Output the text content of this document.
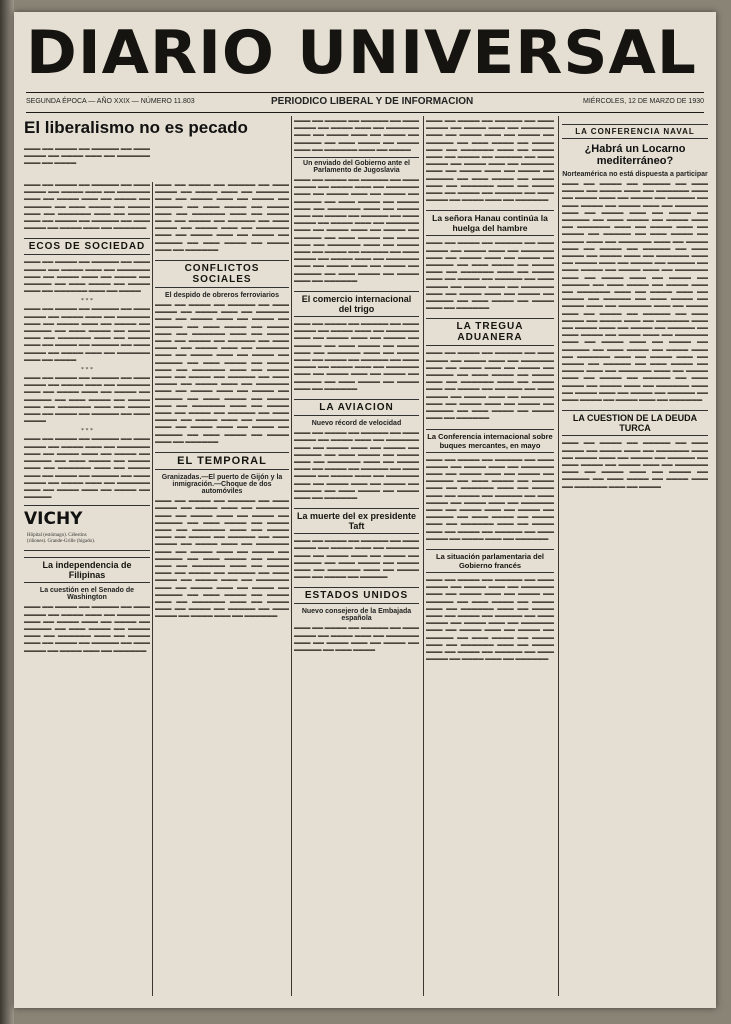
DIARIO UNIVERSAL
SEGUNDA ÉPOCA — AÑO XXIX — NÚMERO 11.803	PERIODICO LIBERAL Y DE INFORMACION	MIÉRCOLES, 12 DE MARZO DE 1930
El liberalismo no es pecado
▬▬▬ ▬▬ ▬▬▬▬ ▬▬ ▬▬▬▬▬ ▬▬ ▬▬▬ ▬▬▬▬ ▬▬ ▬▬▬▬ ▬▬▬ ▬▬ ▬▬▬▬▬▬ ▬▬▬ ▬▬ ▬▬▬▬
▬▬▬ ▬▬ ▬▬▬▬ ▬▬ ▬▬▬▬▬ ▬▬ ▬▬▬ ▬▬▬▬ ▬▬ ▬▬▬▬ ▬▬▬ ▬▬ ▬▬▬▬▬▬ ▬▬▬ ▬▬ ▬▬▬▬ ▬▬▬ ▬▬ ▬▬▬▬ ▬▬ ▬▬▬▬▬ ▬▬ ▬▬▬ ▬▬▬▬ ▬▬ ▬▬▬▬ ▬▬▬ ▬▬ ▬▬▬▬▬▬ ▬▬▬ ▬▬ ▬▬▬▬ ▬▬▬ ▬▬ ▬▬▬▬ ▬▬ ▬▬▬▬▬ ▬▬ ▬▬▬ ▬▬▬▬ ▬▬ ▬▬▬▬ ▬▬▬ ▬▬ ▬▬▬▬▬▬
ECOS DE SOCIEDAD
▬▬▬ ▬▬ ▬▬▬▬ ▬▬ ▬▬▬▬▬ ▬▬ ▬▬▬ ▬▬▬▬ ▬▬ ▬▬▬▬ ▬▬▬ ▬▬ ▬▬▬▬▬▬ ▬▬▬ ▬▬ ▬▬▬▬ ▬▬▬ ▬▬ ▬▬▬▬ ▬▬ ▬▬▬▬▬ ▬▬ ▬▬▬ ▬▬▬▬ ▬▬ ▬▬▬▬ ▬▬▬ ▬▬ ▬▬▬▬▬▬ ▬▬▬ ▬▬ ▬▬▬▬
* * *
▬▬▬ ▬▬ ▬▬▬▬ ▬▬ ▬▬▬▬▬ ▬▬ ▬▬▬ ▬▬▬▬ ▬▬ ▬▬▬▬ ▬▬▬ ▬▬ ▬▬▬▬▬▬ ▬▬▬ ▬▬ ▬▬▬▬ ▬▬▬ ▬▬ ▬▬▬▬ ▬▬ ▬▬▬▬▬ ▬▬ ▬▬▬ ▬▬▬▬ ▬▬ ▬▬▬▬ ▬▬▬ ▬▬ ▬▬▬▬▬▬ ▬▬▬ ▬▬ ▬▬▬▬ ▬▬▬ ▬▬ ▬▬▬▬ ▬▬ ▬▬▬▬▬ ▬▬ ▬▬▬ ▬▬▬▬ ▬▬ ▬▬▬▬ ▬▬▬ ▬▬ ▬▬▬▬▬▬ ▬▬▬ ▬▬ ▬▬▬▬
* * *
▬▬▬ ▬▬ ▬▬▬▬ ▬▬ ▬▬▬▬▬ ▬▬ ▬▬▬ ▬▬▬▬ ▬▬ ▬▬▬▬ ▬▬▬ ▬▬ ▬▬▬▬▬▬ ▬▬▬ ▬▬ ▬▬▬▬ ▬▬▬ ▬▬ ▬▬▬▬ ▬▬ ▬▬▬▬▬ ▬▬ ▬▬▬ ▬▬▬▬ ▬▬ ▬▬▬▬ ▬▬▬ ▬▬ ▬▬▬▬▬▬ ▬▬▬ ▬▬ ▬▬▬▬ ▬▬▬ ▬▬ ▬▬▬▬ ▬▬ ▬▬▬▬▬ ▬▬ ▬▬▬ ▬▬▬▬
* * *
▬▬▬ ▬▬ ▬▬▬▬ ▬▬ ▬▬▬▬▬ ▬▬ ▬▬▬ ▬▬▬▬ ▬▬ ▬▬▬▬ ▬▬▬ ▬▬ ▬▬▬▬▬▬ ▬▬▬ ▬▬ ▬▬▬▬ ▬▬▬ ▬▬ ▬▬▬▬ ▬▬ ▬▬▬▬▬ ▬▬ ▬▬▬ ▬▬▬▬ ▬▬ ▬▬▬▬ ▬▬▬ ▬▬ ▬▬▬▬▬▬ ▬▬▬ ▬▬ ▬▬▬▬ ▬▬▬ ▬▬ ▬▬▬▬ ▬▬ ▬▬▬▬▬ ▬▬ ▬▬▬ ▬▬▬▬ ▬▬ ▬▬▬▬ ▬▬▬ ▬▬ ▬▬▬▬▬▬ ▬▬▬ ▬▬ ▬▬▬▬ ▬▬▬ ▬▬ ▬▬▬▬ ▬▬ ▬▬▬▬▬
VICHYHôpital (estómago). Célestins (riñones). Grande-Grille (hígado).
La independencia de Filipinas
La cuestión en el Senado de Washington
▬▬▬ ▬▬ ▬▬▬▬ ▬▬ ▬▬▬▬▬ ▬▬ ▬▬▬ ▬▬▬▬ ▬▬ ▬▬▬▬ ▬▬▬ ▬▬ ▬▬▬▬▬▬ ▬▬▬ ▬▬ ▬▬▬▬ ▬▬▬ ▬▬ ▬▬▬▬ ▬▬ ▬▬▬▬▬ ▬▬ ▬▬▬ ▬▬▬▬ ▬▬ ▬▬▬▬ ▬▬▬ ▬▬ ▬▬▬▬▬▬ ▬▬▬ ▬▬ ▬▬▬▬ ▬▬▬ ▬▬ ▬▬▬▬ ▬▬ ▬▬▬▬▬ ▬▬ ▬▬▬ ▬▬▬▬ ▬▬ ▬▬▬▬ ▬▬▬ ▬▬ ▬▬▬▬▬▬
▬▬▬ ▬▬ ▬▬▬▬ ▬▬ ▬▬▬▬▬ ▬▬ ▬▬▬ ▬▬▬▬ ▬▬ ▬▬▬▬ ▬▬▬ ▬▬ ▬▬▬▬▬▬ ▬▬▬ ▬▬ ▬▬▬▬ ▬▬▬ ▬▬ ▬▬▬▬ ▬▬ ▬▬▬▬▬ ▬▬ ▬▬▬ ▬▬▬▬ ▬▬ ▬▬▬▬ ▬▬▬ ▬▬ ▬▬▬▬▬▬ ▬▬▬ ▬▬ ▬▬▬▬ ▬▬▬ ▬▬ ▬▬▬▬ ▬▬ ▬▬▬▬▬ ▬▬ ▬▬▬ ▬▬▬▬ ▬▬ ▬▬▬▬ ▬▬▬ ▬▬ ▬▬▬▬▬▬ ▬▬▬ ▬▬ ▬▬▬▬ ▬▬▬ ▬▬ ▬▬▬▬ ▬▬ ▬▬▬▬▬ ▬▬ ▬▬▬ ▬▬▬▬ ▬▬ ▬▬▬▬ ▬▬▬ ▬▬ ▬▬▬▬▬▬
CONFLICTOS SOCIALES
El despido de obreros ferroviarios
▬▬▬ ▬▬ ▬▬▬▬ ▬▬ ▬▬▬▬▬ ▬▬ ▬▬▬ ▬▬▬▬ ▬▬ ▬▬▬▬ ▬▬▬ ▬▬ ▬▬▬▬▬▬ ▬▬▬ ▬▬ ▬▬▬▬ ▬▬▬ ▬▬ ▬▬▬▬ ▬▬ ▬▬▬▬▬ ▬▬ ▬▬▬ ▬▬▬▬ ▬▬ ▬▬▬▬ ▬▬▬ ▬▬ ▬▬▬▬▬▬ ▬▬▬ ▬▬ ▬▬▬▬ ▬▬▬ ▬▬ ▬▬▬▬ ▬▬ ▬▬▬▬▬ ▬▬ ▬▬▬ ▬▬▬▬ ▬▬ ▬▬▬▬ ▬▬▬ ▬▬ ▬▬▬▬▬▬ ▬▬▬ ▬▬ ▬▬▬▬ ▬▬▬ ▬▬ ▬▬▬▬ ▬▬ ▬▬▬▬▬ ▬▬ ▬▬▬ ▬▬▬▬ ▬▬ ▬▬▬▬ ▬▬▬ ▬▬ ▬▬▬▬▬▬ ▬▬▬ ▬▬ ▬▬▬▬ ▬▬▬ ▬▬ ▬▬▬▬ ▬▬ ▬▬▬▬▬ ▬▬ ▬▬▬ ▬▬▬▬ ▬▬ ▬▬▬▬ ▬▬▬ ▬▬ ▬▬▬▬▬▬ ▬▬▬ ▬▬ ▬▬▬▬ ▬▬▬ ▬▬ ▬▬▬▬ ▬▬ ▬▬▬▬▬ ▬▬ ▬▬▬ ▬▬▬▬ ▬▬ ▬▬▬▬ ▬▬▬ ▬▬ ▬▬▬▬▬▬ ▬▬▬ ▬▬ ▬▬▬▬ ▬▬▬ ▬▬ ▬▬▬▬ ▬▬ ▬▬▬▬▬ ▬▬ ▬▬▬ ▬▬▬▬ ▬▬ ▬▬▬▬ ▬▬▬ ▬▬ ▬▬▬▬▬▬ ▬▬▬ ▬▬ ▬▬▬▬ ▬▬▬ ▬▬ ▬▬▬▬ ▬▬ ▬▬▬▬▬ ▬▬ ▬▬▬ ▬▬▬▬ ▬▬ ▬▬▬▬ ▬▬▬ ▬▬ ▬▬▬▬▬▬
EL TEMPORAL
Granizadas.—El puerto de Gijón y la inmigración.—Choque de dos automóviles
▬▬▬ ▬▬ ▬▬▬▬ ▬▬ ▬▬▬▬▬ ▬▬ ▬▬▬ ▬▬▬▬ ▬▬ ▬▬▬▬ ▬▬▬ ▬▬ ▬▬▬▬▬▬ ▬▬▬ ▬▬ ▬▬▬▬ ▬▬▬ ▬▬ ▬▬▬▬ ▬▬ ▬▬▬▬▬ ▬▬ ▬▬▬ ▬▬▬▬ ▬▬ ▬▬▬▬ ▬▬▬ ▬▬ ▬▬▬▬▬▬ ▬▬▬ ▬▬ ▬▬▬▬ ▬▬▬ ▬▬ ▬▬▬▬ ▬▬ ▬▬▬▬▬ ▬▬ ▬▬▬ ▬▬▬▬ ▬▬ ▬▬▬▬ ▬▬▬ ▬▬ ▬▬▬▬▬▬ ▬▬▬ ▬▬ ▬▬▬▬ ▬▬▬ ▬▬ ▬▬▬▬ ▬▬ ▬▬▬▬▬ ▬▬ ▬▬▬ ▬▬▬▬ ▬▬ ▬▬▬▬ ▬▬▬ ▬▬ ▬▬▬▬▬▬ ▬▬▬ ▬▬ ▬▬▬▬ ▬▬▬ ▬▬ ▬▬▬▬ ▬▬ ▬▬▬▬▬ ▬▬ ▬▬▬ ▬▬▬▬ ▬▬ ▬▬▬▬ ▬▬▬ ▬▬ ▬▬▬▬▬▬ ▬▬▬ ▬▬ ▬▬▬▬ ▬▬▬ ▬▬ ▬▬▬▬ ▬▬ ▬▬▬▬▬ ▬▬ ▬▬▬ ▬▬▬▬ ▬▬ ▬▬▬▬ ▬▬▬ ▬▬ ▬▬▬▬▬▬ ▬▬▬ ▬▬ ▬▬▬▬ ▬▬▬ ▬▬ ▬▬▬▬ ▬▬ ▬▬▬▬▬ ▬▬ ▬▬▬ ▬▬▬▬ ▬▬ ▬▬▬▬ ▬▬▬ ▬▬ ▬▬▬▬▬▬
▬▬▬ ▬▬ ▬▬▬▬ ▬▬ ▬▬▬▬▬ ▬▬ ▬▬▬ ▬▬▬▬ ▬▬ ▬▬▬▬ ▬▬▬ ▬▬ ▬▬▬▬▬▬ ▬▬▬ ▬▬ ▬▬▬▬ ▬▬▬ ▬▬ ▬▬▬▬ ▬▬ ▬▬▬▬▬ ▬▬ ▬▬▬ ▬▬▬▬ ▬▬ ▬▬▬▬ ▬▬▬ ▬▬ ▬▬▬▬▬▬ ▬▬▬ ▬▬ ▬▬▬▬
Un enviado del Gobierno ante el Parlamento de Jugoslavia
▬▬▬ ▬▬ ▬▬▬▬ ▬▬ ▬▬▬▬▬ ▬▬ ▬▬▬ ▬▬▬▬ ▬▬ ▬▬▬▬ ▬▬▬ ▬▬ ▬▬▬▬▬▬ ▬▬▬ ▬▬ ▬▬▬▬ ▬▬▬ ▬▬ ▬▬▬▬ ▬▬ ▬▬▬▬▬ ▬▬ ▬▬▬ ▬▬▬▬ ▬▬ ▬▬▬▬ ▬▬▬ ▬▬ ▬▬▬▬▬▬ ▬▬▬ ▬▬ ▬▬▬▬ ▬▬▬ ▬▬ ▬▬▬▬ ▬▬ ▬▬▬▬▬ ▬▬ ▬▬▬ ▬▬▬▬ ▬▬ ▬▬▬▬ ▬▬▬ ▬▬ ▬▬▬▬▬▬ ▬▬▬ ▬▬ ▬▬▬▬ ▬▬▬ ▬▬ ▬▬▬▬ ▬▬ ▬▬▬▬▬ ▬▬ ▬▬▬ ▬▬▬▬ ▬▬ ▬▬▬▬ ▬▬▬ ▬▬ ▬▬▬▬▬▬ ▬▬▬ ▬▬ ▬▬▬▬ ▬▬▬ ▬▬ ▬▬▬▬ ▬▬ ▬▬▬▬▬ ▬▬ ▬▬▬ ▬▬▬▬ ▬▬ ▬▬▬▬ ▬▬▬ ▬▬ ▬▬▬▬▬▬ ▬▬▬ ▬▬ ▬▬▬▬ ▬▬▬ ▬▬ ▬▬▬▬ ▬▬ ▬▬▬▬▬ ▬▬ ▬▬▬ ▬▬▬▬ ▬▬ ▬▬▬▬ ▬▬▬ ▬▬ ▬▬▬▬▬▬
El comercio internacional del trigo
▬▬▬ ▬▬ ▬▬▬▬ ▬▬ ▬▬▬▬▬ ▬▬ ▬▬▬ ▬▬▬▬ ▬▬ ▬▬▬▬ ▬▬▬ ▬▬ ▬▬▬▬▬▬ ▬▬▬ ▬▬ ▬▬▬▬ ▬▬▬ ▬▬ ▬▬▬▬ ▬▬ ▬▬▬▬▬ ▬▬ ▬▬▬ ▬▬▬▬ ▬▬ ▬▬▬▬ ▬▬▬ ▬▬ ▬▬▬▬▬▬ ▬▬▬ ▬▬ ▬▬▬▬ ▬▬▬ ▬▬ ▬▬▬▬ ▬▬ ▬▬▬▬▬ ▬▬ ▬▬▬ ▬▬▬▬ ▬▬ ▬▬▬▬ ▬▬▬ ▬▬ ▬▬▬▬▬▬ ▬▬▬ ▬▬ ▬▬▬▬ ▬▬▬ ▬▬ ▬▬▬▬ ▬▬ ▬▬▬▬▬ ▬▬ ▬▬▬ ▬▬▬▬ ▬▬ ▬▬▬▬ ▬▬▬ ▬▬ ▬▬▬▬▬▬
LA AVIACION
Nuevo récord de velocidad
▬▬▬ ▬▬ ▬▬▬▬ ▬▬ ▬▬▬▬▬ ▬▬ ▬▬▬ ▬▬▬▬ ▬▬ ▬▬▬▬ ▬▬▬ ▬▬ ▬▬▬▬▬▬ ▬▬▬ ▬▬ ▬▬▬▬ ▬▬▬ ▬▬ ▬▬▬▬ ▬▬ ▬▬▬▬▬ ▬▬ ▬▬▬ ▬▬▬▬ ▬▬ ▬▬▬▬ ▬▬▬ ▬▬ ▬▬▬▬▬▬ ▬▬▬ ▬▬ ▬▬▬▬ ▬▬▬ ▬▬ ▬▬▬▬ ▬▬ ▬▬▬▬▬ ▬▬ ▬▬▬ ▬▬▬▬ ▬▬ ▬▬▬▬ ▬▬▬ ▬▬ ▬▬▬▬▬▬ ▬▬▬ ▬▬ ▬▬▬▬ ▬▬▬ ▬▬ ▬▬▬▬ ▬▬ ▬▬▬▬▬ ▬▬ ▬▬▬ ▬▬▬▬ ▬▬ ▬▬▬▬ ▬▬▬ ▬▬ ▬▬▬▬▬▬
La muerte del ex presidente Taft
▬▬▬ ▬▬ ▬▬▬▬ ▬▬ ▬▬▬▬▬ ▬▬ ▬▬▬ ▬▬▬▬ ▬▬ ▬▬▬▬ ▬▬▬ ▬▬ ▬▬▬▬▬▬ ▬▬▬ ▬▬ ▬▬▬▬ ▬▬▬ ▬▬ ▬▬▬▬ ▬▬ ▬▬▬▬▬ ▬▬ ▬▬▬ ▬▬▬▬ ▬▬ ▬▬▬▬ ▬▬▬ ▬▬ ▬▬▬▬▬▬ ▬▬▬ ▬▬ ▬▬▬▬ ▬▬▬ ▬▬ ▬▬▬▬ ▬▬ ▬▬▬▬▬
ESTADOS UNIDOS
Nuevo consejero de la Embajada española
▬▬▬ ▬▬ ▬▬▬▬ ▬▬ ▬▬▬▬▬ ▬▬ ▬▬▬ ▬▬▬▬ ▬▬ ▬▬▬▬ ▬▬▬ ▬▬ ▬▬▬▬▬▬ ▬▬▬ ▬▬ ▬▬▬▬ ▬▬▬ ▬▬ ▬▬▬▬ ▬▬ ▬▬▬▬▬ ▬▬ ▬▬▬ ▬▬▬▬
▬▬▬ ▬▬ ▬▬▬▬ ▬▬ ▬▬▬▬▬ ▬▬ ▬▬▬ ▬▬▬▬ ▬▬ ▬▬▬▬ ▬▬▬ ▬▬ ▬▬▬▬▬▬ ▬▬▬ ▬▬ ▬▬▬▬ ▬▬▬ ▬▬ ▬▬▬▬ ▬▬ ▬▬▬▬▬ ▬▬ ▬▬▬ ▬▬▬▬ ▬▬ ▬▬▬▬ ▬▬▬ ▬▬ ▬▬▬▬▬▬ ▬▬▬ ▬▬ ▬▬▬▬ ▬▬▬ ▬▬ ▬▬▬▬ ▬▬ ▬▬▬▬▬ ▬▬ ▬▬▬ ▬▬▬▬ ▬▬ ▬▬▬▬ ▬▬▬ ▬▬ ▬▬▬▬▬▬ ▬▬▬ ▬▬ ▬▬▬▬ ▬▬▬ ▬▬ ▬▬▬▬ ▬▬ ▬▬▬▬▬ ▬▬ ▬▬▬ ▬▬▬▬ ▬▬ ▬▬▬▬ ▬▬▬ ▬▬ ▬▬▬▬▬▬ ▬▬▬ ▬▬ ▬▬▬▬ ▬▬▬ ▬▬ ▬▬▬▬ ▬▬ ▬▬▬▬▬ ▬▬ ▬▬▬ ▬▬▬▬ ▬▬ ▬▬▬▬ ▬▬▬ ▬▬ ▬▬▬▬▬▬
La señora Hanau continúa la huelga del hambre
▬▬▬ ▬▬ ▬▬▬▬ ▬▬ ▬▬▬▬▬ ▬▬ ▬▬▬ ▬▬▬▬ ▬▬ ▬▬▬▬ ▬▬▬ ▬▬ ▬▬▬▬▬▬ ▬▬▬ ▬▬ ▬▬▬▬ ▬▬▬ ▬▬ ▬▬▬▬ ▬▬ ▬▬▬▬▬ ▬▬ ▬▬▬ ▬▬▬▬ ▬▬ ▬▬▬▬ ▬▬▬ ▬▬ ▬▬▬▬▬▬ ▬▬▬ ▬▬ ▬▬▬▬ ▬▬▬ ▬▬ ▬▬▬▬ ▬▬ ▬▬▬▬▬ ▬▬ ▬▬▬ ▬▬▬▬ ▬▬ ▬▬▬▬ ▬▬▬ ▬▬ ▬▬▬▬▬▬ ▬▬▬ ▬▬ ▬▬▬▬ ▬▬▬ ▬▬ ▬▬▬▬ ▬▬ ▬▬▬▬▬ ▬▬ ▬▬▬ ▬▬▬▬ ▬▬ ▬▬▬▬ ▬▬▬ ▬▬ ▬▬▬▬▬▬
LA TREGUA ADUANERA
▬▬▬ ▬▬ ▬▬▬▬ ▬▬ ▬▬▬▬▬ ▬▬ ▬▬▬ ▬▬▬▬ ▬▬ ▬▬▬▬ ▬▬▬ ▬▬ ▬▬▬▬▬▬ ▬▬▬ ▬▬ ▬▬▬▬ ▬▬▬ ▬▬ ▬▬▬▬ ▬▬ ▬▬▬▬▬ ▬▬ ▬▬▬ ▬▬▬▬ ▬▬ ▬▬▬▬ ▬▬▬ ▬▬ ▬▬▬▬▬▬ ▬▬▬ ▬▬ ▬▬▬▬ ▬▬▬ ▬▬ ▬▬▬▬ ▬▬ ▬▬▬▬▬ ▬▬ ▬▬▬ ▬▬▬▬ ▬▬ ▬▬▬▬ ▬▬▬ ▬▬ ▬▬▬▬▬▬ ▬▬▬ ▬▬ ▬▬▬▬ ▬▬▬ ▬▬ ▬▬▬▬ ▬▬ ▬▬▬▬▬ ▬▬ ▬▬▬ ▬▬▬▬ ▬▬ ▬▬▬▬ ▬▬▬ ▬▬ ▬▬▬▬▬▬
La Conferencia internacional sobre buques mercantes, en mayo
▬▬▬ ▬▬ ▬▬▬▬ ▬▬ ▬▬▬▬▬ ▬▬ ▬▬▬ ▬▬▬▬ ▬▬ ▬▬▬▬ ▬▬▬ ▬▬ ▬▬▬▬▬▬ ▬▬▬ ▬▬ ▬▬▬▬ ▬▬▬ ▬▬ ▬▬▬▬ ▬▬ ▬▬▬▬▬ ▬▬ ▬▬▬ ▬▬▬▬ ▬▬ ▬▬▬▬ ▬▬▬ ▬▬ ▬▬▬▬▬▬ ▬▬▬ ▬▬ ▬▬▬▬ ▬▬▬ ▬▬ ▬▬▬▬ ▬▬ ▬▬▬▬▬ ▬▬ ▬▬▬ ▬▬▬▬ ▬▬ ▬▬▬▬ ▬▬▬ ▬▬ ▬▬▬▬▬▬ ▬▬▬ ▬▬ ▬▬▬▬ ▬▬▬ ▬▬ ▬▬▬▬ ▬▬ ▬▬▬▬▬ ▬▬ ▬▬▬ ▬▬▬▬ ▬▬ ▬▬▬▬ ▬▬▬ ▬▬ ▬▬▬▬▬▬ ▬▬▬ ▬▬ ▬▬▬▬ ▬▬▬ ▬▬ ▬▬▬▬ ▬▬ ▬▬▬▬▬ ▬▬ ▬▬▬ ▬▬▬▬ ▬▬ ▬▬▬▬ ▬▬▬ ▬▬ ▬▬▬▬▬▬
La situación parlamentaria del Gobierno francés
▬▬▬ ▬▬ ▬▬▬▬ ▬▬ ▬▬▬▬▬ ▬▬ ▬▬▬ ▬▬▬▬ ▬▬ ▬▬▬▬ ▬▬▬ ▬▬ ▬▬▬▬▬▬ ▬▬▬ ▬▬ ▬▬▬▬ ▬▬▬ ▬▬ ▬▬▬▬ ▬▬ ▬▬▬▬▬ ▬▬ ▬▬▬ ▬▬▬▬ ▬▬ ▬▬▬▬ ▬▬▬ ▬▬ ▬▬▬▬▬▬ ▬▬▬ ▬▬ ▬▬▬▬ ▬▬▬ ▬▬ ▬▬▬▬ ▬▬ ▬▬▬▬▬ ▬▬ ▬▬▬ ▬▬▬▬ ▬▬ ▬▬▬▬ ▬▬▬ ▬▬ ▬▬▬▬▬▬ ▬▬▬ ▬▬ ▬▬▬▬ ▬▬▬ ▬▬ ▬▬▬▬ ▬▬ ▬▬▬▬▬ ▬▬ ▬▬▬ ▬▬▬▬ ▬▬ ▬▬▬▬ ▬▬▬ ▬▬ ▬▬▬▬▬▬ ▬▬▬ ▬▬ ▬▬▬▬ ▬▬▬ ▬▬ ▬▬▬▬ ▬▬ ▬▬▬▬▬ ▬▬ ▬▬▬ ▬▬▬▬ ▬▬ ▬▬▬▬ ▬▬▬ ▬▬ ▬▬▬▬▬▬
LA CONFERENCIA NAVAL
¿Habrá un Locarno mediterráneo?
Norteamérica no está dispuesta a participar
▬▬▬ ▬▬ ▬▬▬▬ ▬▬ ▬▬▬▬▬ ▬▬ ▬▬▬ ▬▬▬▬ ▬▬ ▬▬▬▬ ▬▬▬ ▬▬ ▬▬▬▬▬▬ ▬▬▬ ▬▬ ▬▬▬▬ ▬▬▬ ▬▬ ▬▬▬▬ ▬▬ ▬▬▬▬▬ ▬▬ ▬▬▬ ▬▬▬▬ ▬▬ ▬▬▬▬ ▬▬▬ ▬▬ ▬▬▬▬▬▬ ▬▬▬ ▬▬ ▬▬▬▬ ▬▬▬ ▬▬ ▬▬▬▬ ▬▬ ▬▬▬▬▬ ▬▬ ▬▬▬ ▬▬▬▬ ▬▬ ▬▬▬▬ ▬▬▬ ▬▬ ▬▬▬▬▬▬ ▬▬▬ ▬▬ ▬▬▬▬ ▬▬▬ ▬▬ ▬▬▬▬ ▬▬ ▬▬▬▬▬ ▬▬ ▬▬▬ ▬▬▬▬ ▬▬ ▬▬▬▬ ▬▬▬ ▬▬ ▬▬▬▬▬▬ ▬▬▬ ▬▬ ▬▬▬▬ ▬▬▬ ▬▬ ▬▬▬▬ ▬▬ ▬▬▬▬▬ ▬▬ ▬▬▬ ▬▬▬▬ ▬▬ ▬▬▬▬ ▬▬▬ ▬▬ ▬▬▬▬▬▬ ▬▬▬ ▬▬ ▬▬▬▬ ▬▬▬ ▬▬ ▬▬▬▬ ▬▬ ▬▬▬▬▬ ▬▬ ▬▬▬ ▬▬▬▬ ▬▬ ▬▬▬▬ ▬▬▬ ▬▬ ▬▬▬▬▬▬ ▬▬▬ ▬▬ ▬▬▬▬ ▬▬▬ ▬▬ ▬▬▬▬ ▬▬ ▬▬▬▬▬ ▬▬ ▬▬▬ ▬▬▬▬ ▬▬ ▬▬▬▬ ▬▬▬ ▬▬ ▬▬▬▬▬▬ ▬▬▬ ▬▬ ▬▬▬▬ ▬▬▬ ▬▬ ▬▬▬▬ ▬▬ ▬▬▬▬▬ ▬▬ ▬▬▬ ▬▬▬▬ ▬▬ ▬▬▬▬ ▬▬▬ ▬▬ ▬▬▬▬▬▬ ▬▬▬ ▬▬ ▬▬▬▬ ▬▬▬ ▬▬ ▬▬▬▬ ▬▬ ▬▬▬▬▬ ▬▬ ▬▬▬ ▬▬▬▬ ▬▬ ▬▬▬▬ ▬▬▬ ▬▬ ▬▬▬▬▬▬ ▬▬▬ ▬▬ ▬▬▬▬ ▬▬▬ ▬▬ ▬▬▬▬ ▬▬ ▬▬▬▬▬ ▬▬ ▬▬▬ ▬▬▬▬ ▬▬ ▬▬▬▬ ▬▬▬ ▬▬ ▬▬▬▬▬▬ ▬▬▬ ▬▬ ▬▬▬▬ ▬▬▬ ▬▬ ▬▬▬▬ ▬▬ ▬▬▬▬▬ ▬▬ ▬▬▬ ▬▬▬▬ ▬▬ ▬▬▬▬ ▬▬▬ ▬▬ ▬▬▬▬▬▬ ▬▬▬ ▬▬ ▬▬▬▬ ▬▬▬ ▬▬ ▬▬▬▬ ▬▬ ▬▬▬▬▬ ▬▬ ▬▬▬ ▬▬▬▬ ▬▬ ▬▬▬▬ ▬▬▬ ▬▬ ▬▬▬▬▬▬ ▬▬▬ ▬▬ ▬▬▬▬ ▬▬▬ ▬▬ ▬▬▬▬ ▬▬ ▬▬▬▬▬ ▬▬ ▬▬▬ ▬▬▬▬ ▬▬ ▬▬▬▬ ▬▬▬ ▬▬ ▬▬▬▬▬▬ ▬▬▬ ▬▬ ▬▬▬▬ ▬▬▬ ▬▬ ▬▬▬▬ ▬▬ ▬▬▬▬▬ ▬▬ ▬▬▬ ▬▬▬▬ ▬▬ ▬▬▬▬ ▬▬▬ ▬▬ ▬▬▬▬▬▬
LA CUESTION DE LA DEUDA TURCA
▬▬▬ ▬▬ ▬▬▬▬ ▬▬ ▬▬▬▬▬ ▬▬ ▬▬▬ ▬▬▬▬ ▬▬ ▬▬▬▬ ▬▬▬ ▬▬ ▬▬▬▬▬▬ ▬▬▬ ▬▬ ▬▬▬▬ ▬▬▬ ▬▬ ▬▬▬▬ ▬▬ ▬▬▬▬▬ ▬▬ ▬▬▬ ▬▬▬▬ ▬▬ ▬▬▬▬ ▬▬▬ ▬▬ ▬▬▬▬▬▬ ▬▬▬ ▬▬ ▬▬▬▬ ▬▬▬ ▬▬ ▬▬▬▬ ▬▬ ▬▬▬▬▬ ▬▬ ▬▬▬ ▬▬▬▬ ▬▬ ▬▬▬▬ ▬▬▬ ▬▬ ▬▬▬▬▬▬ ▬▬▬ ▬▬ ▬▬▬▬
